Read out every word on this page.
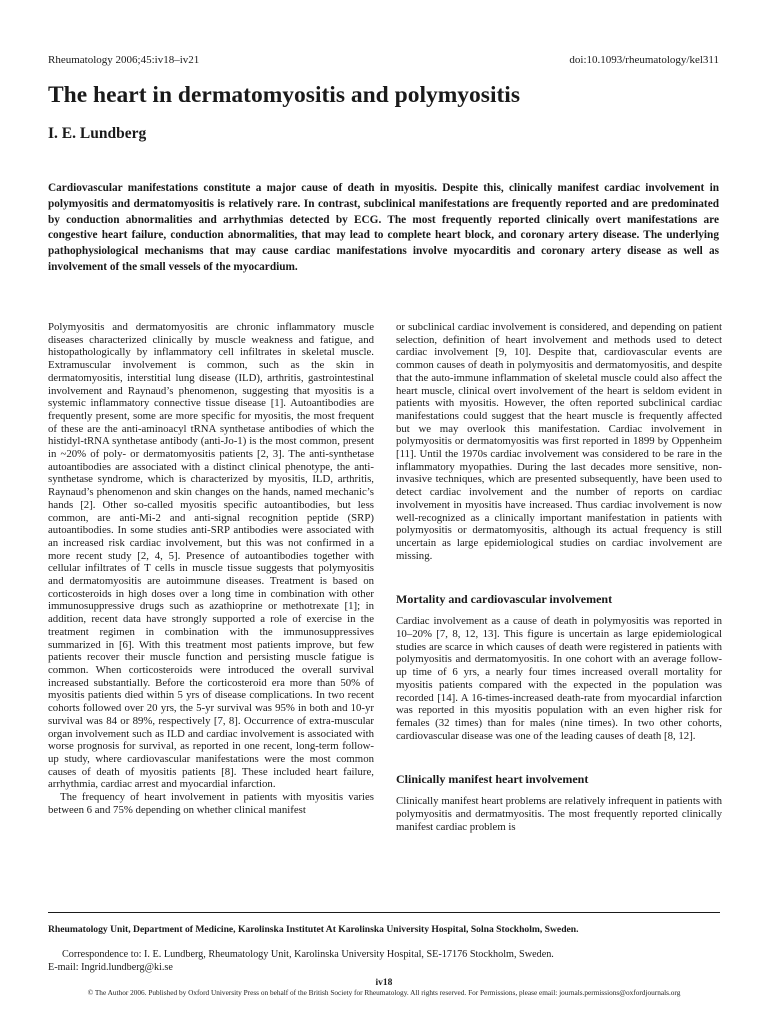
Rheumatology 2006;45:iv18–iv21	doi:10.1093/rheumatology/kel311
The heart in dermatomyositis and polymyositis
I. E. Lundberg
Cardiovascular manifestations constitute a major cause of death in myositis. Despite this, clinically manifest cardiac involvement in polymyositis and dermatomyositis is relatively rare. In contrast, subclinical manifestations are frequently reported and are predominated by conduction abnormalities and arrhythmias detected by ECG. The most frequently reported clinically overt manifestations are congestive heart failure, conduction abnormalities, that may lead to complete heart block, and coronary artery disease. The underlying pathophysiological mechanisms that may cause cardiac manifestations involve myocarditis and coronary artery disease as well as involvement of the small vessels of the myocardium.

Polymyositis and dermatomyositis are chronic inflammatory muscle diseases characterized clinically by muscle weakness and fatigue, and histopathologically by inflammatory cell infiltrates in skeletal muscle. Extramuscular involvement is common, such as the skin in dermatomyositis, interstitial lung disease (ILD), arthritis, gastrointestinal involvement and Raynaud’s phenomenon, suggesting that myositis is a systemic inflammatory connective tissue disease [1]. Autoantibodies are frequently present, some are more specific for myositis, the most frequent of these are the anti-aminoacyl tRNA synthetase antibodies of which the histidyl-tRNA synthetase antibody (anti-Jo-1) is the most common, present in ~20% of poly- or dermatomyositis patients [2, 3]. The anti-synthetase autoantibodies are associated with a distinct clinical phenotype, the anti-synthetase syndrome, which is characterized by myositis, ILD, arthritis, Raynaud’s phenomenon and skin changes on the hands, named mechanic’s hands [2]. Other so-called myositis specific autoantibodies, but less common, are anti-Mi-2 and anti-signal recognition peptide (SRP) autoantibodies. In some studies anti-SRP antibodies were associated with an increased risk cardiac involvement, but this was not confirmed in a more recent study [2, 4, 5]. Presence of autoantibodies together with cellular infiltrates of T cells in muscle tissue suggests that polymyositis and dermatomyositis are autoimmune diseases. Treatment is based on corticosteroids in high doses over a long time in combination with other immunosuppressive drugs such as azathioprine or methotrexate [1]; in addition, recent data have strongly supported a role of exercise in the treatment regimen in combination with the immunosuppressives summarized in [6]. With this treatment most patients improve, but few patients recover their muscle function and persisting muscle fatigue is common. When corticosteroids were introduced the overall survival increased substantially. Before the corticosteroid era more than 50% of myositis patients died within 5 yrs of disease complications. In two recent cohorts followed over 20 yrs, the 5-yr survival was 95% in both and 10-yr survival was 84 or 89%, respectively [7, 8]. Occurrence of extra-muscular organ involvement such as ILD and cardiac involvement is associated with worse prognosis for survival, as reported in one recent, long-term follow-up study, where cardiovascular manifestations were the most common causes of death of myositis patients [8]. These included heart failure, arrhythmia, cardiac arrest and myocardial infarction.

The frequency of heart involvement in patients with myositis varies between 6 and 75% depending on whether clinical manifest

or subclinical cardiac involvement is considered, and depending on patient selection, definition of heart involvement and methods used to detect cardiac involvement [9, 10]. Despite that, cardiovascular events are common causes of death in polymyositis and dermatomyositis, and despite that the auto-immune inflammation of skeletal muscle could also affect the heart muscle, clinical overt involvement of the heart is seldom evident in patients with myositis. However, the often reported subclinical cardiac manifestations could suggest that the heart muscle is frequently affected but we may overlook this manifestation. Cardiac involvement in polymyositis or dermatomyositis was first reported in 1899 by Oppenheim [11]. Until the 1970s cardiac involvement was considered to be rare in the inflammatory myopathies. During the last decades more sensitive, non-invasive techniques, which are presented subsequently, have been used to detect cardiac involvement and the number of reports on cardiac involvement in myositis have increased. Thus cardiac involvement is now well-recognized as a clinically important manifestation in patients with polymyositis or dermatomyositis, although its actual frequency is still uncertain as large epidemiological studies on cardiac involvement are missing.

Mortality and cardiovascular involvement

Cardiac involvement as a cause of death in polymyositis was reported in 10–20% [7, 8, 12, 13]. This figure is uncertain as large epidemiological studies are scarce in which causes of death were registered in patients with polymyositis and dermatomyositis. In one cohort with an average follow-up time of 6 yrs, a nearly four times increased overall mortality for myositis patients compared with the expected in the population was recorded [14]. A 16-times-increased death-rate from myocardial infarction was reported in this myositis population with an even higher risk for females (32 times) than for males (nine times). In two other cohorts, cardiovascular disease was one of the leading causes of death [8, 12].

Clinically manifest heart involvement

Clinically manifest heart problems are relatively infrequent in patients with polymyositis and dermatmyositis. The most frequently reported clinically manifest cardiac problem is

Rheumatology Unit, Department of Medicine, Karolinska Institutet At Karolinska University Hospital, Solna Stockholm, Sweden.
Correspondence to: I. E. Lundberg, Rheumatology Unit, Karolinska University Hospital, SE-17176 Stockholm, Sweden.
E-mail: Ingrid.lundberg@ki.se
iv18
© The Author 2006. Published by Oxford University Press on behalf of the British Society for Rheumatology. All rights reserved. For Permissions, please email: journals.permissions@oxfordjournals.org
